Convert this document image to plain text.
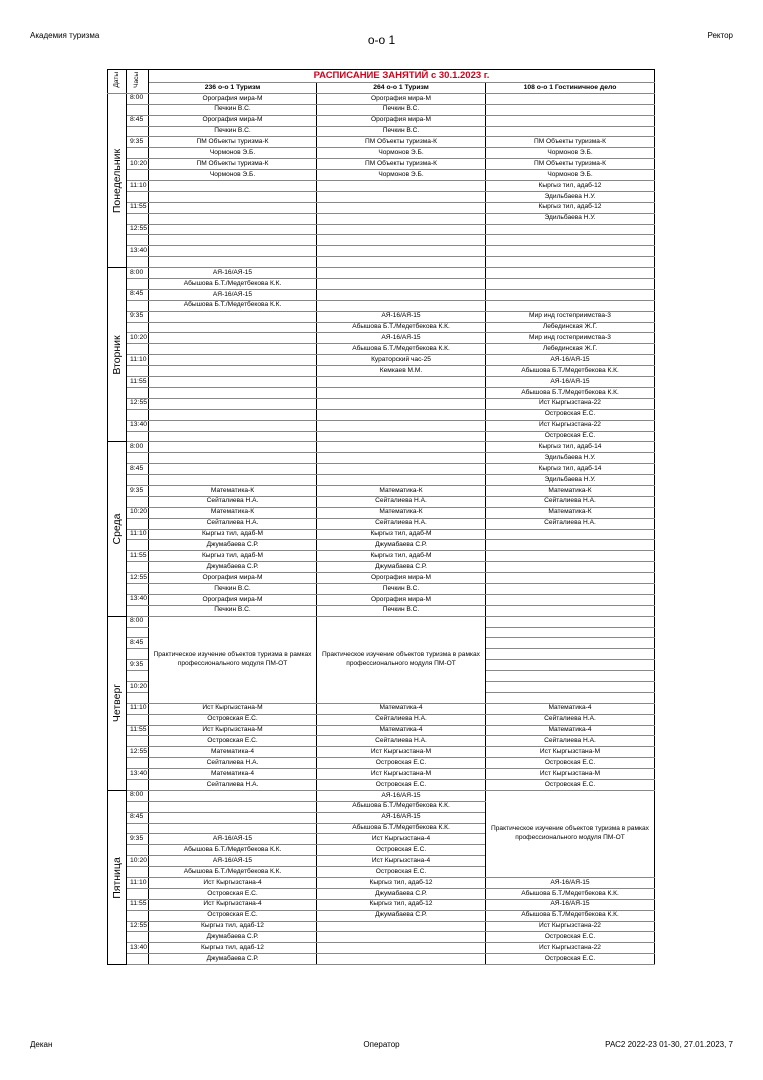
Академия туризма	о-о 1	Ректор
Даты	Часы	РАСПИСАНИЕ ЗАНЯТИЙ с 30.1.2023 г.		
		236 о-о 1 Туризм	264 о-о 1 Туризм	108 о-о 1 Гостиничное дело

Понедельник	8:00	Орография мира-М	Орография мира-М	
		Печкин В.С.	Печкин В.С.	
	8:45	Орография мира-М	Орография мира-М	
		Печкин В.С.	Печкин В.С.	
	9:35	ПМ Объекты туризма-К	ПМ Объекты туризма-К	ПМ Объекты туризма-К
		Чормонов Э.Б.	Чормонов Э.Б.	Чормонов Э.Б.
	10:20	ПМ Объекты туризма-К	ПМ Объекты туризма-К	ПМ Объекты туризма-К
		Чормонов Э.Б.	Чормонов Э.Б.	Чормонов Э.Б.
	11:10			Кыргыз тил, адаб-12
				Эдильбаева Н.У.
	11:55			Кыргыз тил, адаб-12
				Эдильбаева Н.У.
	12:55			

	13:40			

Вторник	8:00	АЯ-16/АЯ-15		
		Абышова Б.Т./Медетбекова К.К.		
	8:45	АЯ-16/АЯ-15		
		Абышова Б.Т./Медетбекова К.К.		
	9:35		АЯ-16/АЯ-15	Мир инд гостеприимства-3
			Абышова Б.Т./Медетбекова К.К.	Лебединская Ж.Г.
	10:20		АЯ-16/АЯ-15	Мир инд гостеприимства-3
			Абышова Б.Т./Медетбекова К.К.	Лебединская Ж.Г.
	11:10		Кураторский час-25	АЯ-16/АЯ-15
			Кемкаев М.М.	Абышова Б.Т./Медетбекова К.К.
	11:55			АЯ-16/АЯ-15
				Абышова Б.Т./Медетбекова К.К.
	12:55			Ист Кыргызстана-22
				Островская Е.С.
	13:40			Ист Кыргызстана-22
				Островская Е.С.

Среда	8:00			Кыргыз тил, адаб-14
				Эдильбаева Н.У.
	8:45			Кыргыз тил, адаб-14
				Эдильбаева Н.У.
	9:35	Математика-К	Математика-К	Математика-К
		Сейталиева Н.А.	Сейталиева Н.А.	Сейталиева Н.А.
	10:20	Математика-К	Математика-К	Математика-К
		Сейталиева Н.А.	Сейталиева Н.А.	Сейталиева Н.А.
	11:10	Кыргыз тил, адаб-М	Кыргыз тил, адаб-М	
		Джумабаева С.Р.	Джумабаева С.Р.	
	11:55	Кыргыз тил, адаб-М	Кыргыз тил, адаб-М	
		Джумабаева С.Р.	Джумабаева С.Р.	
	12:55	Орография мира-М	Орография мира-М	
		Печкин В.С.	Печкин В.С.	
	13:40	Орография мира-М	Орография мира-М	
		Печкин В.С.	Печкин В.С.	

Четверг	8:00	Практическое изучение объектов туризма в рамках профессионального модуля ПМ-ОТ	Практическое изучение объектов туризма в рамках профессионального модуля ПМ-ОТ	

	8:45			

	9:35			

	10:20			

	11:10	Ист Кыргызстана-М	Математика-4	Математика-4
		Островская Е.С.	Сейталиева Н.А.	Сейталиева Н.А.
	11:55	Ист Кыргызстана-М	Математика-4	Математика-4
		Островская Е.С.	Сейталиева Н.А.	Сейталиева Н.А.
	12:55	Математика-4	Ист Кыргызстана-М	Ист Кыргызстана-М
		Сейталиева Н.А.	Островская Е.С.	Островская Е.С.
	13:40	Математика-4	Ист Кыргызстана-М	Ист Кыргызстана-М
		Сейталиева Н.А.	Островская Е.С.	Островская Е.С.

Пятница	8:00		АЯ-16/АЯ-15	Практическое изучение объектов туризма в рамках профессионального модуля ПМ-ОТ
			Абышова Б.Т./Медетбекова К.К.	
	8:45		АЯ-16/АЯ-15	
			Абышова Б.Т./Медетбекова К.К.	
	9:35	АЯ-16/АЯ-15	Ист Кыргызстана-4	
		Абышова Б.Т./Медетбекова К.К.	Островская Е.С.	
	10:20	АЯ-16/АЯ-15	Ист Кыргызстана-4	
		Абышова Б.Т./Медетбекова К.К.	Островская Е.С.	
	11:10	Ист Кыргызстана-4	Кыргыз тил, адаб-12	АЯ-16/АЯ-15
		Островская Е.С.	Джумабаева С.Р.	Абышова Б.Т./Медетбекова К.К.
	11:55	Ист Кыргызстана-4	Кыргыз тил, адаб-12	АЯ-16/АЯ-15
		Островская Е.С.	Джумабаева С.Р.	Абышова Б.Т./Медетбекова К.К.
	12:55	Кыргыз тил, адаб-12		Ист Кыргызстана-22
		Джумабаева С.Р.		Островская Е.С.
	13:40	Кыргыз тил, адаб-12		Ист Кыргызстана-22
		Джумабаева С.Р.		Островская Е.С.
Декан	Оператор	РАС2 2022-23 01-30, 27.01.2023, 7
